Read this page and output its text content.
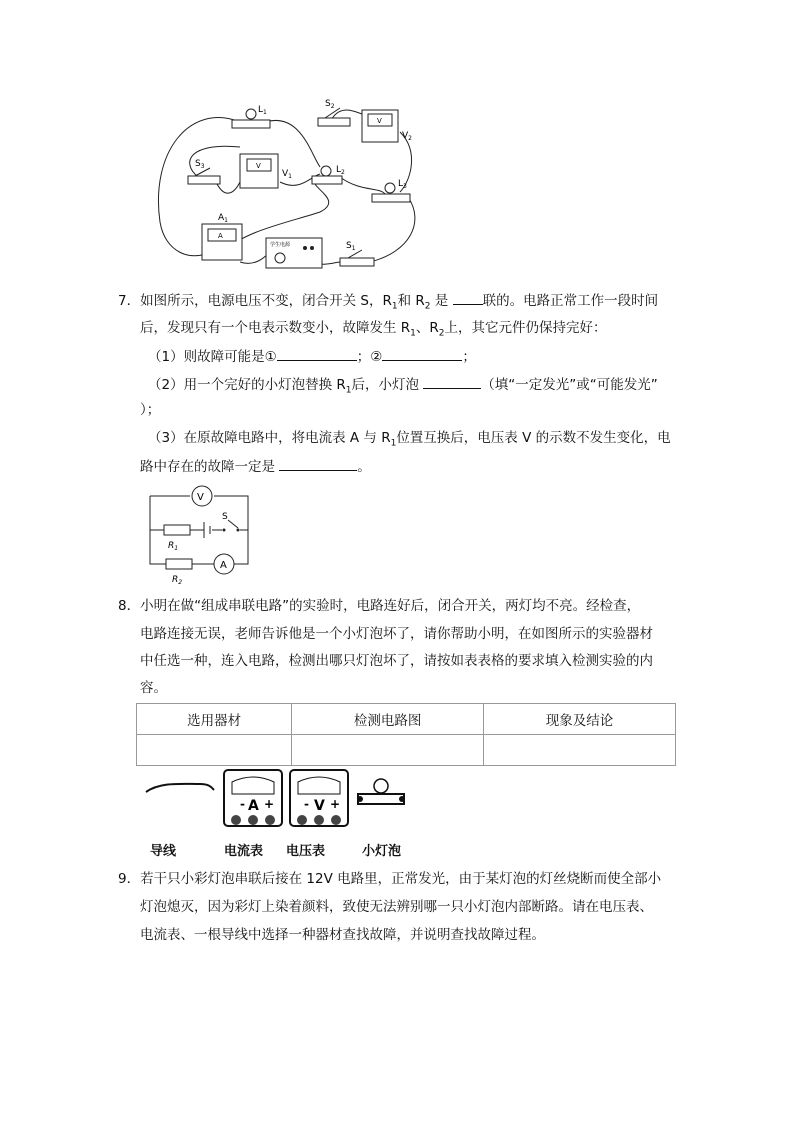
$L_1$
$S_2$
V
$V_2$
$S_3$	V
$V_1$
$L_2$
$L_3$
A
$A_1$
学生电源	$S_1$
7．如图所示，电源电压不变，闭合开关 S，$R_1$和 $R_2$ 是	联的。电路正常工作一段时间
后，发现只有一个电表示数变小，故障发生 $R_1$、$R_2$上，其它元件仍保持完好：
（1）则故障可能是①	；②	；
（2）用一个完好的小灯泡替换 $R_1$后，小灯泡	（填“一定发光”或“可能发光”
）；
（3）在原故障电路中，将电流表 A 与 $R_1$位置互换后，电压表 V 的示数不发生变化，电
路中存在的故障一定是	。
V
S
$R_1$
$R_2$
A
8．小明在做“组成串联电路”的实验时，电路连好后，闭合开关，两灯均不亮。经检查，
电路连接无误，老师告诉他是一个小灯泡坏了，请你帮助小明，在如图所示的实验器材
中任选一种，连入电路，检测出哪只灯泡坏了，请按如表表格的要求填入检测实验的内
容。
选用器材	检测电路图	现象及结论

- A + - V +
导线	电流表 电压表	小灯泡
9．若干只小彩灯泡串联后接在 12V 电路里，正常发光，由于某灯泡的灯丝烧断而使全部小
灯泡熄灭，因为彩灯上染着颜料，致使无法辨别哪一只小灯泡内部断路。请在电压表、
电流表、一根导线中选择一种器材查找故障，并说明查找故障过程。
